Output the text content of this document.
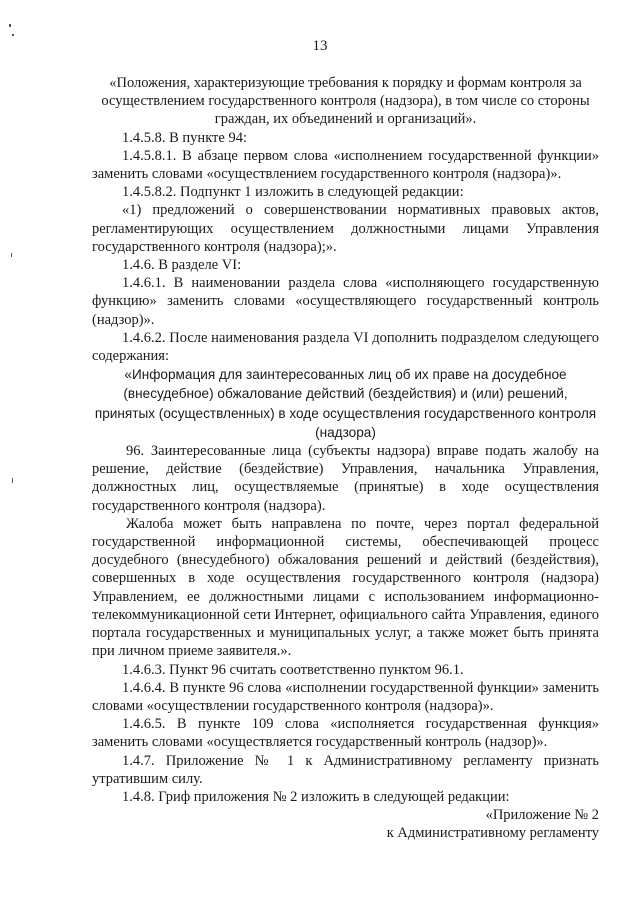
13

«Положения, характеризующие требования к порядку и формам контроля за осуществлением государственного контроля (надзора), в том числе со стороны граждан, их объединений и организаций».

1.4.5.8. В пункте 94:

1.4.5.8.1. В абзаце первом слова «исполнением государственной функции» заменить словами «осуществлением государственного контроля (надзора)».

1.4.5.8.2. Подпункт 1 изложить в следующей редакции:

«1) предложений о совершенствовании нормативных правовых актов, регламентирующих осуществлением должностными лицами Управления государственного контроля (надзора);».

1.4.6. В разделе VI:

1.4.6.1. В наименовании раздела слова «исполняющего государственную функцию» заменить словами «осуществляющего государственный контроль (надзор)».

1.4.6.2. После наименования раздела VI дополнить подразделом следующего содержания:

«Информация для заинтересованных лиц об их праве на досудебное (внесудебное) обжалование действий (бездействия) и (или) решений, принятых (осуществленных) в ходе осуществления государственного контроля (надзора)

96. Заинтересованные лица (субъекты надзора) вправе подать жалобу на решение, действие (бездействие) Управления, начальника Управления, должностных лиц, осуществляемые (принятые) в ходе осуществления государственного контроля (надзора).

Жалоба может быть направлена по почте, через портал федеральной государственной информационной системы, обеспечивающей процесс досудебного (внесудебного) обжалования решений и действий (бездействия), совершенных в ходе осуществления государственного контроля (надзора) Управлением, ее должностными лицами с использованием информационно-телекоммуникационной сети Интернет, официального сайта Управления, единого портала государственных и муниципальных услуг, а также может быть принята при личном приеме заявителя.».

1.4.6.3. Пункт 96 считать соответственно пунктом 96.1.

1.4.6.4. В пункте 96 слова «исполнении государственной функции» заменить словами «осуществлении государственного контроля (надзора)».

1.4.6.5. В пункте 109 слова «исполняется государственная функция» заменить словами «осуществляется государственный контроль (надзор)».

1.4.7. Приложение № 1 к Административному регламенту признать утратившим силу.

1.4.8. Гриф приложения № 2 изложить в следующей редакции:

«Приложение № 2

к Административному регламенту
